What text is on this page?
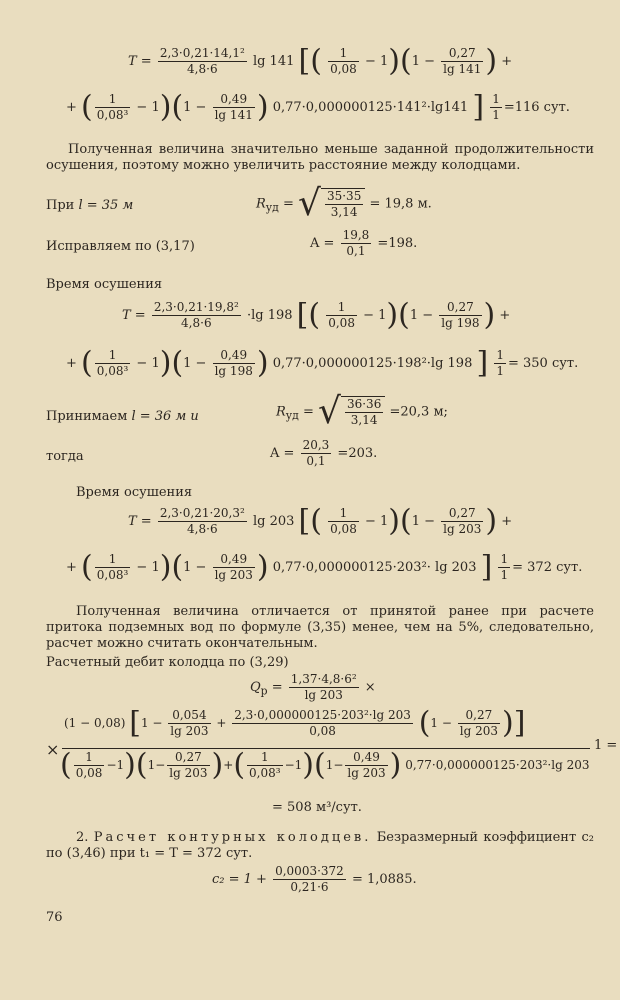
$T = \frac{\text{2,3·0,21·14,1²}}{4,8\cdot 6}$ lg 141 [( $\frac{1}{0,08} - 1)(1 - \frac{0,27}{\lg 141}$ ) +
+ ( $\frac{1}{\text{0,08³}} - 1)(1 - \frac{0,49}{\lg 141}$ ) 0,77·0,000000125·141²·lg141 ] $\frac{1}{1} =116$ сут.
Полученная величина значительно меньше заданной продолжительности осушения, поэтому можно увеличить расстояние между колодцами.
При l = 35 м	$R_{уд}$ = √ $\frac{35\cdot 35}{3,14} = 19,8$ м.
Исправляем по (3,17)	$A = \frac{19,8}{0,1} =198$.
Время осушения
$T = \frac{\text{2,3·0,21·19,8²}}{4,8\cdot 6} \cdot\lg$ 198 [( $\frac{1}{0,08} - 1)(1 - \frac{0,27}{\lg 198}$ ) +
+ ( $\frac{1}{\text{0,08³}} - 1)(1 - \frac{0,49}{\lg 198}$ ) 0,77·0,000000125·198²·lg 198 ] $\frac{1}{1} = 350$ сут.
Принимаем l = 36 м и	$R_{уд}$ = √ $\frac{36\cdot 36}{3,14} =20,3$ м;
тогда	$A = \frac{20,3}{0,1} =203$.
Время осушения
$T = \frac{\text{2,3·0,21·20,3²}}{4,8\cdot 6}$ lg 203 [( $\frac{1}{0,08} - 1)(1 - \frac{0,27}{\lg 203}$ ) +
+ ( $\frac{1}{\text{0,08³}} - 1)(1 - \frac{0,49}{\lg 203}$ ) 0,77·0,000000125·203²· lg 203 ] $\frac{1}{1} = 372$ сут.
Полученная величина отличается от принятой ранее при расчете притока подземных вод по формуле (3,35) менее, чем на 5%, следовательно, расчет можно считать окончательным.
Расчетный дебит колодца по (3,29)
$Q_р = \frac{\text{1,37·4,8·6²}}{\lg 203}$ ×
×
(1 − 0,08) [$1 - \frac{0,054}{\lg 203} + \frac{\text{2,3·0,000000125·203²·lg 203}}{0,08} (1 - \frac{0,27}{\lg 203}$ )]
1 =
( $\frac{1}{0,08} -1)(1- \frac{0,27}{\lg 203}$ )+( $\frac{1}{\text{0,08³}} -1)(1- \frac{0,49}{\lg 203}$ ) 0,77·0,000000125·203²·lg 203
= 508 м³/сут.
2. Расчет контурных колодцев. Безразмерный коэффициент c₂ по (3,46) при t₁ = T = 372 сут.
$c_2 = 1 + \frac{0,0003\cdot 372}{0,21\cdot 6} = 1,0885$.
76
